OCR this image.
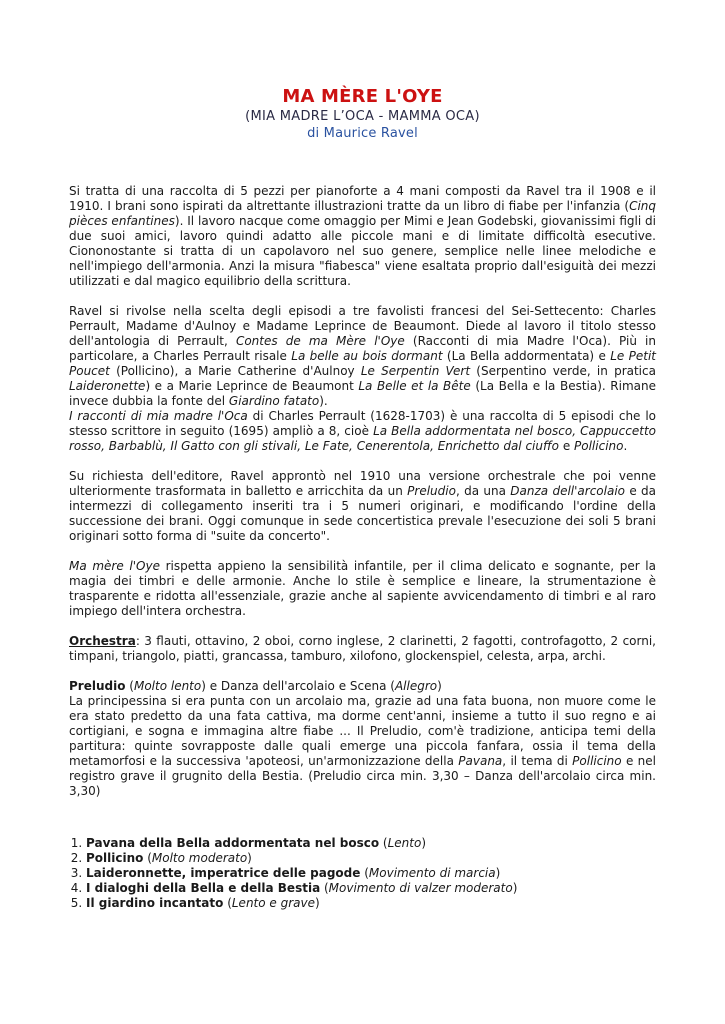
MA MÈRE L'OYE

(MIA MADRE L’OCA - MAMMA OCA)

di Maurice Ravel

Si tratta di una raccolta di 5 pezzi per pianoforte a 4 mani composti da Ravel tra il 1908 e il 1910. I brani sono ispirati da altrettante illustrazioni tratte da un libro di fiabe per l'infanzia (Cinq pièces enfantines). Il lavoro nacque come omaggio per Mimi e Jean Godebski, giovanissimi figli di due suoi amici, lavoro quindi adatto alle piccole mani e di limitate difficoltà esecutive. Ciononostante si tratta di un capolavoro nel suo genere, semplice nelle linee melodiche e nell'impiego dell'armonia. Anzi la misura "fiabesca" viene esaltata proprio dall'esiguità dei mezzi utilizzati e dal magico equilibrio della scrittura.

Ravel si rivolse nella scelta degli episodi a tre favolisti francesi del Sei-Settecento: Charles Perrault, Madame d'Aulnoy e Madame Leprince de Beaumont. Diede al lavoro il titolo stesso dell'antologia di Perrault, Contes de ma Mère l'Oye (Racconti di mia Madre l'Oca). Più in particolare, a Charles Perrault risale La belle au bois dormant (La Bella addormentata) e Le Petit Poucet (Pollicino), a Marie Catherine d'Aulnoy Le Serpentin Vert (Serpentino verde, in pratica Laideronette) e a Marie Leprince de Beaumont La Belle et la Bête (La Bella e la Bestia). Rimane invece dubbia la fonte del Giardino fatato).

I racconti di mia madre l'Oca di Charles Perrault (1628-1703) è una raccolta di 5 episodi che lo stesso scrittore in seguito (1695) ampliò a 8, cioè La Bella addormentata nel bosco, Cappuccetto rosso, Barbablù, Il Gatto con gli stivali, Le Fate, Cenerentola, Enrichetto dal ciuffo e Pollicino.

Su richiesta dell'editore, Ravel approntò nel 1910 una versione orchestrale che poi venne ulteriormente trasformata in balletto e arricchita da un Preludio, da una Danza dell'arcolaio e da intermezzi di collegamento inseriti tra i 5 numeri originari, e modificando l'ordine della successione dei brani. Oggi comunque in sede concertistica prevale l'esecuzione dei soli 5 brani originari sotto forma di "suite da concerto".

Ma mère l'Oye rispetta appieno la sensibilità infantile, per il clima delicato e sognante, per la magia dei timbri e delle armonie. Anche lo stile è semplice e lineare, la strumentazione è trasparente e ridotta all'essenziale, grazie anche al sapiente avvicendamento di timbri e al raro impiego dell'intera orchestra.

Orchestra: 3 flauti, ottavino, 2 oboi, corno inglese, 2 clarinetti, 2 fagotti, controfagotto, 2 corni, timpani, triangolo, piatti, grancassa, tamburo, xilofono, glockenspiel, celesta, arpa, archi.

Preludio (Molto lento) e Danza dell'arcolaio e Scena (Allegro)

La principessina si era punta con un arcolaio ma, grazie ad una fata buona, non muore come le era stato predetto da una fata cattiva, ma dorme cent'anni, insieme a tutto il suo regno e ai cortigiani, e sogna e immagina altre fiabe ... Il Preludio, com'è tradizione, anticipa temi della partitura: quinte sovrapposte dalle quali emerge una piccola fanfara, ossia il tema della metamorfosi e la successiva 'apoteosi, un'armonizzazione della Pavana, il tema di Pollicino e nel registro grave il grugnito della Bestia. (Preludio circa min. 3,30 – Danza dell'arcolaio circa min. 3,30)

1. Pavana della Bella addormentata nel bosco (Lento)
2. Pollicino (Molto moderato)
3. Laideronnette, imperatrice delle pagode (Movimento di marcia)
4. I dialoghi della Bella e della Bestia (Movimento di valzer moderato)
5. Il giardino incantato (Lento e grave)
